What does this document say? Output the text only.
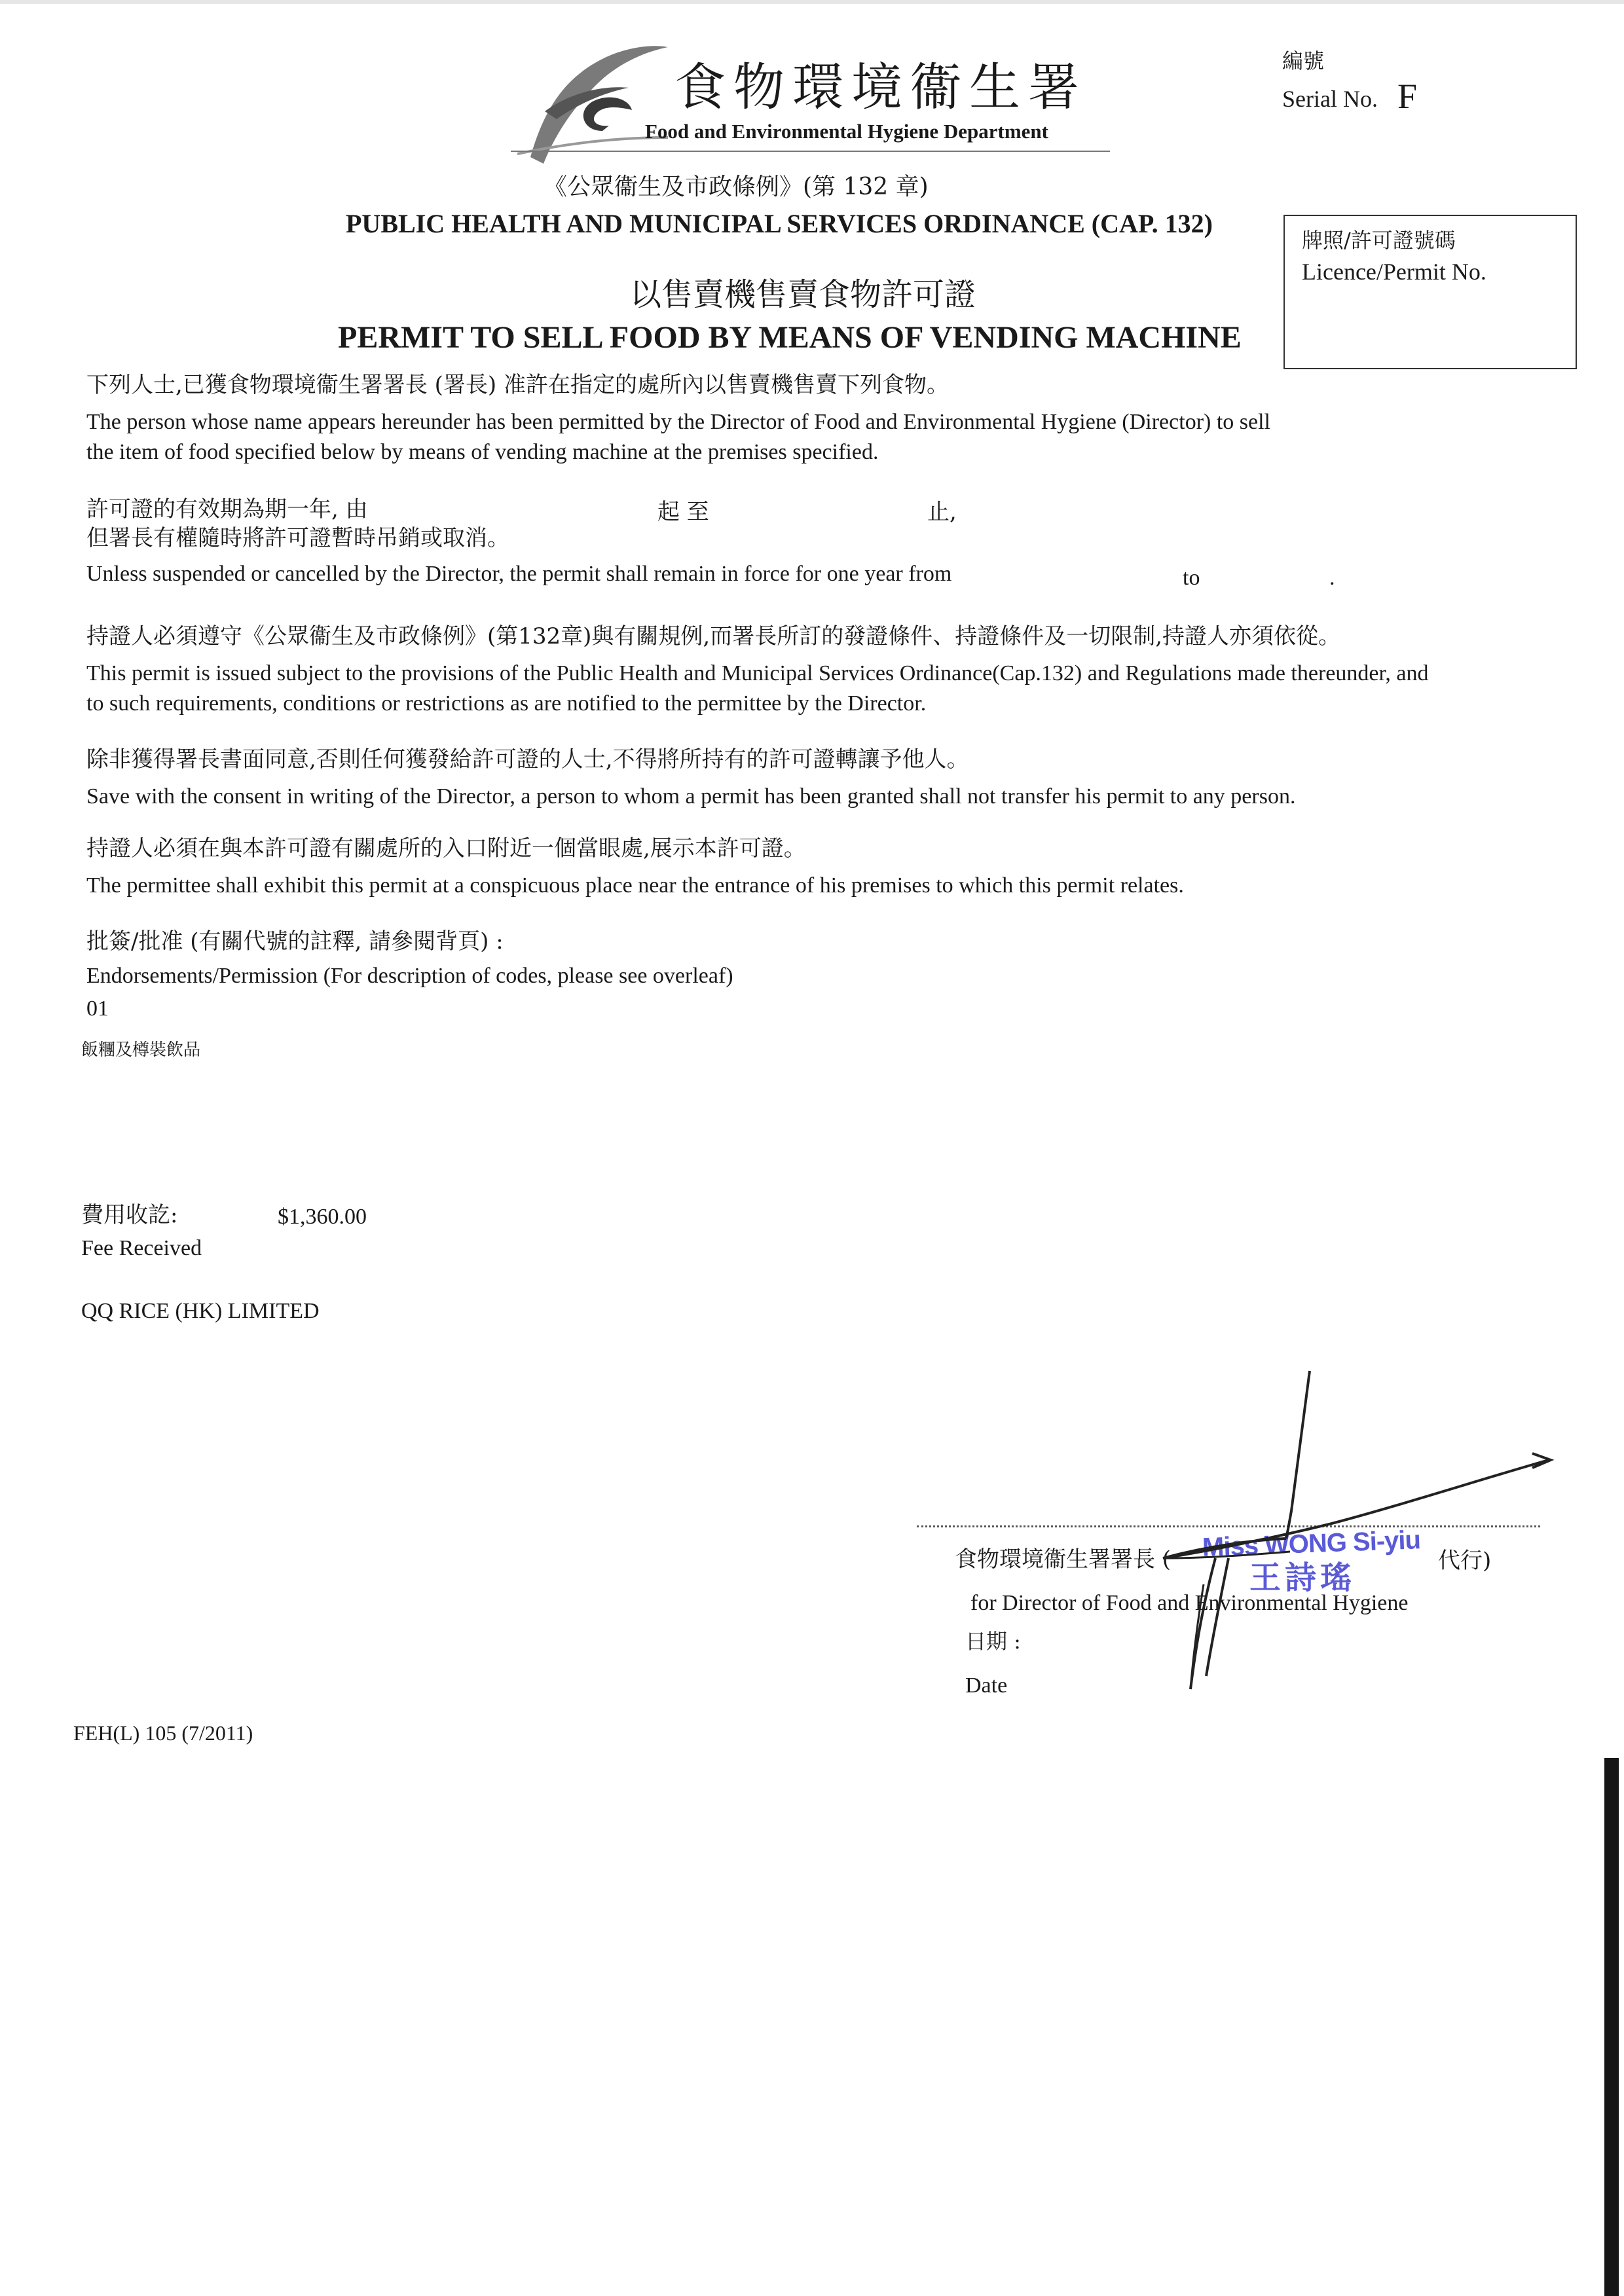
食物環境衞生署
Food and Environmental Hygiene Department
編號
Serial No. F
牌照/許可證號碼
Licence/Permit No.
《公眾衞生及市政條例》(第 132 章)
PUBLIC HEALTH AND MUNICIPAL SERVICES ORDINANCE (CAP. 132)
以售賣機售賣食物許可證
PERMIT TO SELL FOOD BY MEANS OF VENDING MACHINE
下列人士,已獲食物環境衞生署署長 (署長) 准許在指定的處所內以售賣機售賣下列食物。
The person whose name appears hereunder has been permitted by the Director of Food and Environmental Hygiene (Director) to sell
the item of food specified below by means of vending machine at the premises specified.
許可證的有效期為期一年, 由	起 至	止,
但署長有權隨時將許可證暫時吊銷或取消。
Unless suspended or cancelled by the Director, the permit shall remain in force for one year from	to	.
持證人必須遵守《公眾衞生及市政條例》(第132章)與有關規例,而署長所訂的發證條件、持證條件及一切限制,持證人亦須依從。
This permit is issued subject to the provisions of the Public Health and Municipal Services Ordinance(Cap.132) and Regulations made thereunder, and
to such requirements, conditions or restrictions as are notified to the permittee by the Director.
除非獲得署長書面同意,否則任何獲發給許可證的人士,不得將所持有的許可證轉讓予他人。
Save with the consent in writing of the Director, a person to whom a permit has been granted shall not transfer his permit to any person.
持證人必須在與本許可證有關處所的入口附近一個當眼處,展示本許可證。
The permittee shall exhibit this permit at a conspicuous place near the entrance of his premises to which this permit relates.
批簽/批准 (有關代號的註釋, 請參閱背頁) :
Endorsements/Permission (For description of codes, please see overleaf)
01
飯糰及樽裝飲品
費用收訖:	$1,360.00
Fee Received
QQ RICE (HK) LIMITED
食物環境衞生署署長 (	代行)
for Director of Food and Environmental Hygiene
日期 :
Date
Miss WONG Si-yiu
王詩瑤
FEH(L) 105 (7/2011)
